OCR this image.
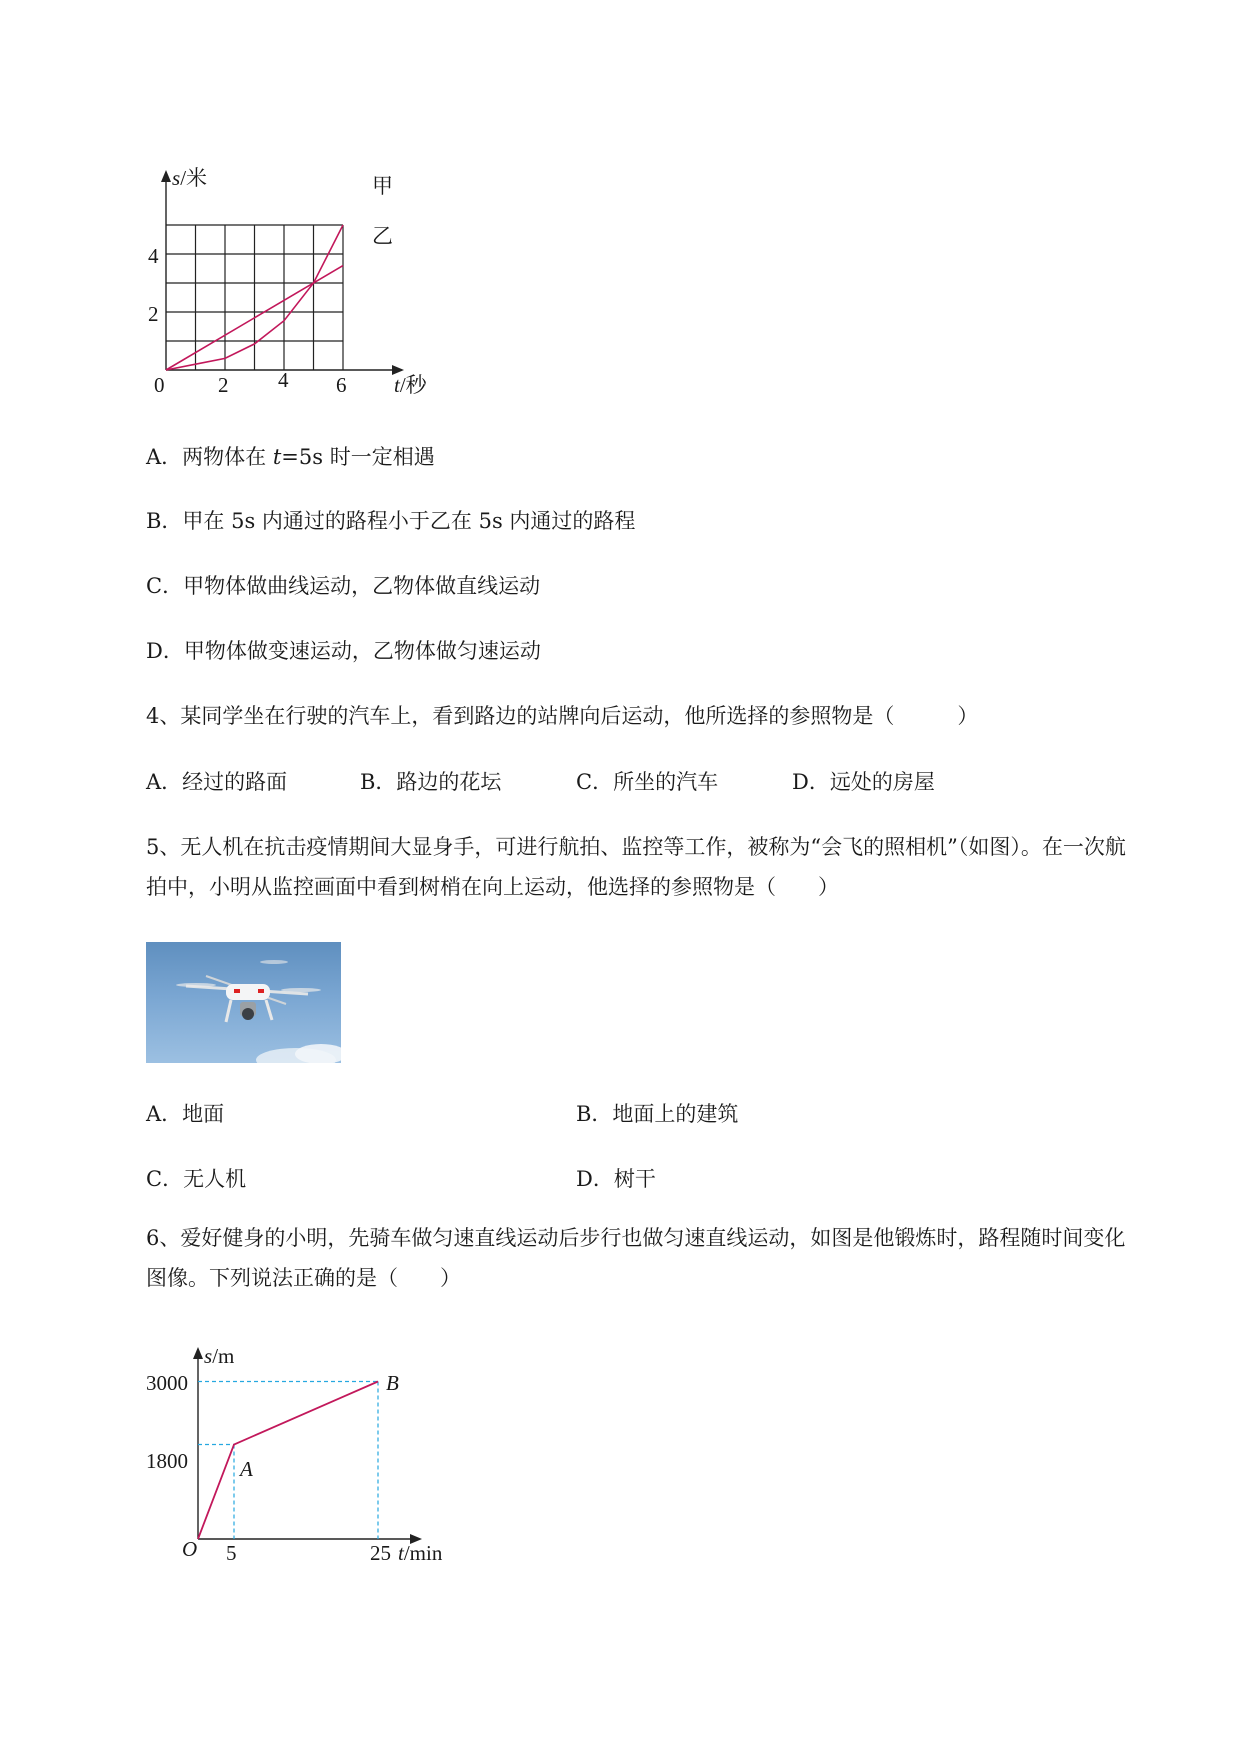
s/米
t/秒
0
2
4
2 4 6
甲
乙
A．两物体在 t=5s 时一定相遇
B．甲在 5s 内通过的路程小于乙在 5s 内通过的路程
C．甲物体做曲线运动，乙物体做直线运动
D．甲物体做变速运动，乙物体做匀速运动
4、某同学坐在行驶的汽车上，看到路边的站牌向后运动，他所选择的参照物是（　　　）
A．经过的路面	B．路边的花坛	C．所坐的汽车	D．远处的房屋
5、无人机在抗击疫情期间大显身手，可进行航拍、监控等工作，被称为“会飞的照相机”（如图）。在一次航拍中，小明从监控画面中看到树梢在向上运动，他选择的参照物是（　　）
A．地面	B．地面上的建筑
C．无人机	D．树干
6、爱好健身的小明，先骑车做匀速直线运动后步行也做匀速直线运动，如图是他锻炼时，路程随时间变化图像。下列说法正确的是（　　）
s/m
t/min
O
1800
3000
5	25
A
B
